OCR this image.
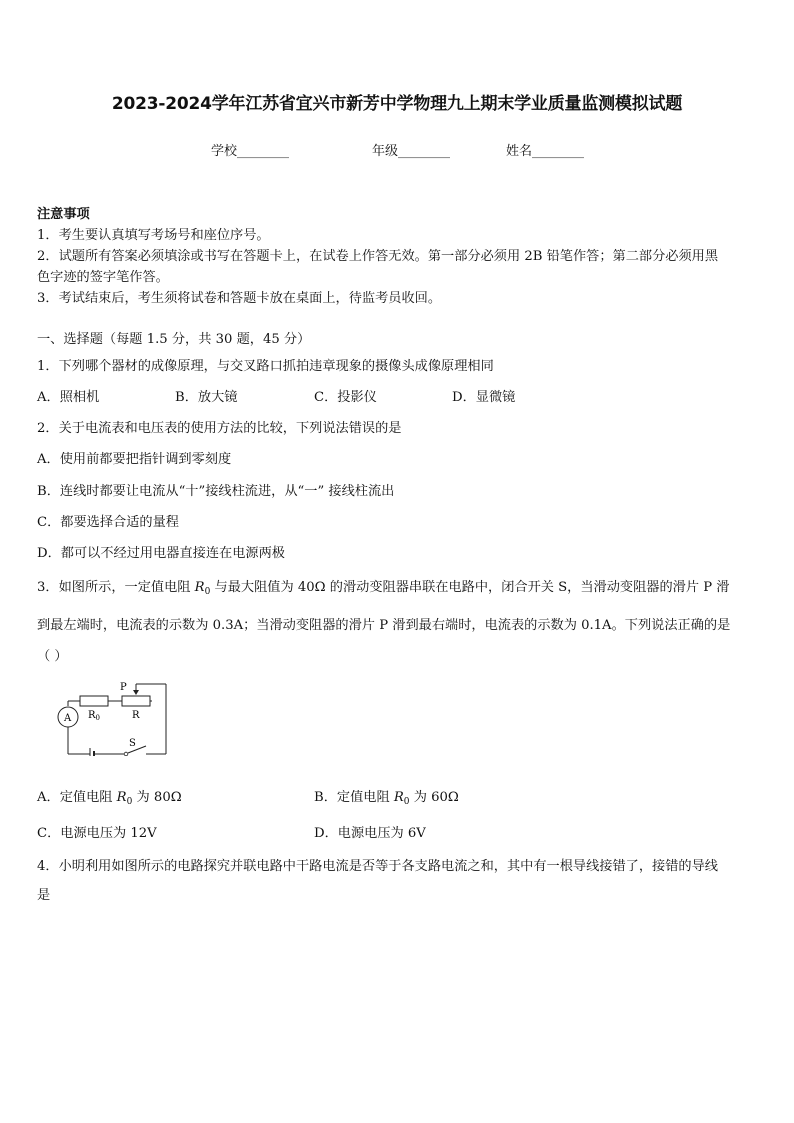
2023-2024学年江苏省宜兴市新芳中学物理九上期末学业质量监测模拟试题
学校________	年级________	姓名________
注意事项
1．考生要认真填写考场号和座位序号。
2．试题所有答案必须填涂或书写在答题卡上，在试卷上作答无效。第一部分必须用 2B 铅笔作答；第二部分必须用黑
色字迹的签字笔作答。
3．考试结束后，考生须将试卷和答题卡放在桌面上，待监考员收回。
一、选择题（每题 1.5 分，共 30 题，45 分）
1．下列哪个器材的成像原理，与交叉路口抓拍违章现象的摄像头成像原理相同
A．照相机	B．放大镜	C．投影仪	D．显微镜
2．关于电流表和电压表的使用方法的比较，下列说法错误的是
A．使用前都要把指针调到零刻度
B．连线时都要让电流从“十”接线柱流进，从“一” 接线柱流出
C．都要选择合适的量程
D．都可以不经过用电器直接连在电源两极
3．如图所示，一定值电阻 $R_0$ 与最大阻值为 40Ω 的滑动变阻器串联在电路中，闭合开关 S，当滑动变阻器的滑片 P 滑
到最左端时，电流表的示数为 0.3A；当滑动变阻器的滑片 P 滑到最右端时，电流表的示数为 0.1A。下列说法正确的是
（ ）
P
$R_0$	R
A
S
A．定值电阻 $R_0$ 为 80Ω	B．定值电阻 $R_0$ 为 60Ω
C．电源电压为 12V	D．电源电压为 6V
4．小明利用如图所示的电路探究并联电路中干路电流是否等于各支路电流之和，其中有一根导线接错了，接错的导线
是
